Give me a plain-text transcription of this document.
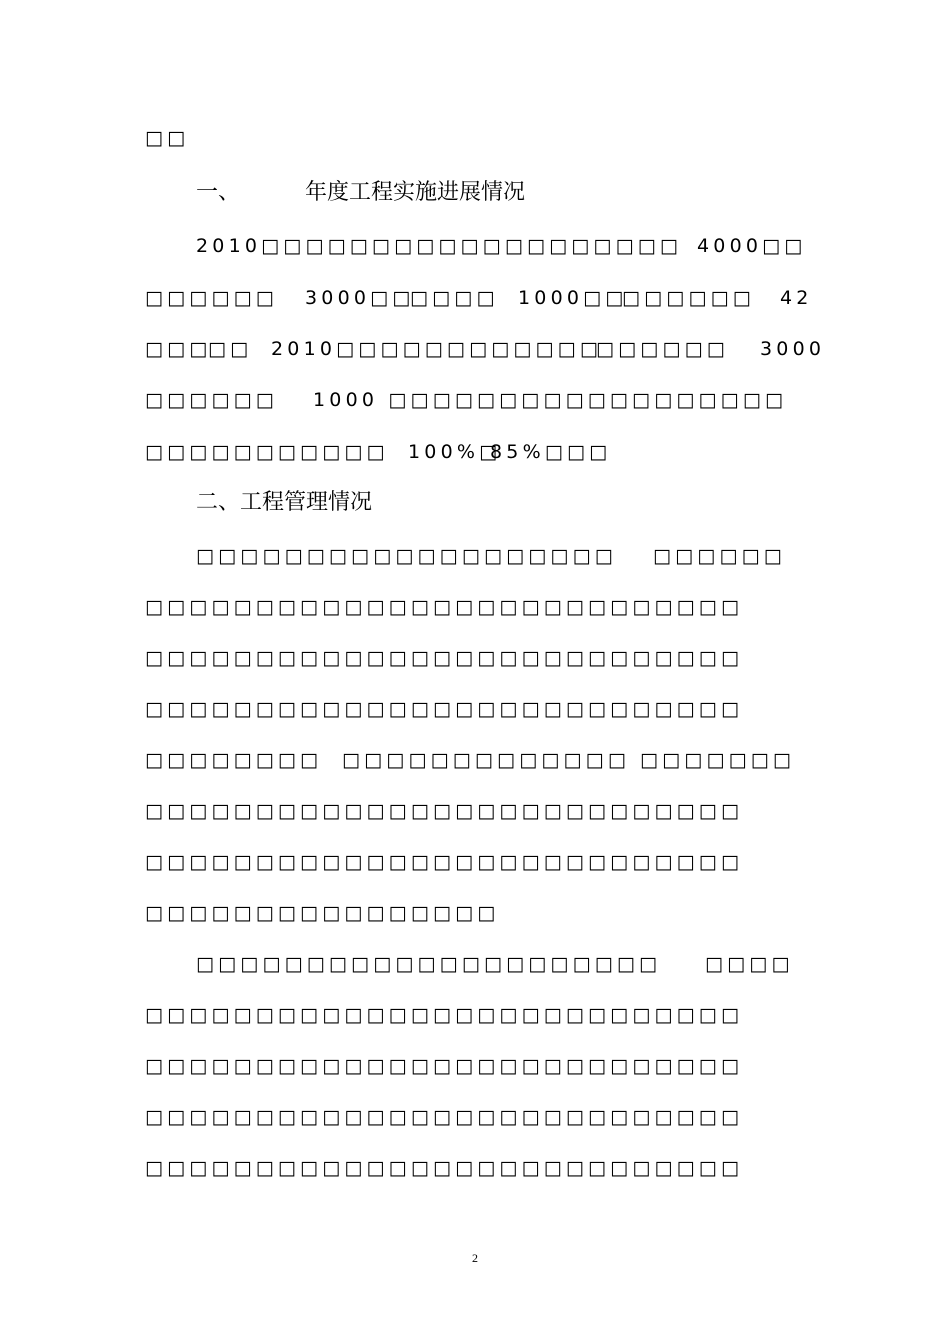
□□
一、	年度工程实施进展情况
2010□□□□□□□□□□□□□□□□□□□ 4000□□
□□□□□□ 3000□□
□□□□ 1000□□
□□□□□□ 42
□□□
□□ 2010□□□□□□□□□□□□
□□□□□□ 3000
□□□□□□ 1000 □□□□□□□□□□□□□□□□□□
□□□□□□□□□□□ 100%□
85%□□□
二、工程管理情况
□□□□□□□□□□□□□□□□□□□ □□□□□□
□□□□□□□□□□□□□□□□□□□□□□□□□□□
□□□□□□□□□□□□□□□□□□□□□□□□□□□
□□□□□□□□□□□□□□□□□□□□□□□□□□□
□□□□□□□□ □□□□□□□□□□□□□ □□□□□□□
□□□□□□□□□□□□□□□□□□□□□□□□□□□
□□□□□□□□□□□□□□□□□□□□□□□□□□□
□□□□□□□□□□□□□□□□
□□□□□□□□□□□□□□□□□□□□□ □□□□
□□□□□□□□□□□□□□□□□□□□□□□□□□□
□□□□□□□□□□□□□□□□□□□□□□□□□□□
□□□□□□□□□□□□□□□□□□□□□□□□□□□
□□□□□□□□□□□□□□□□□□□□□□□□□□□
2
